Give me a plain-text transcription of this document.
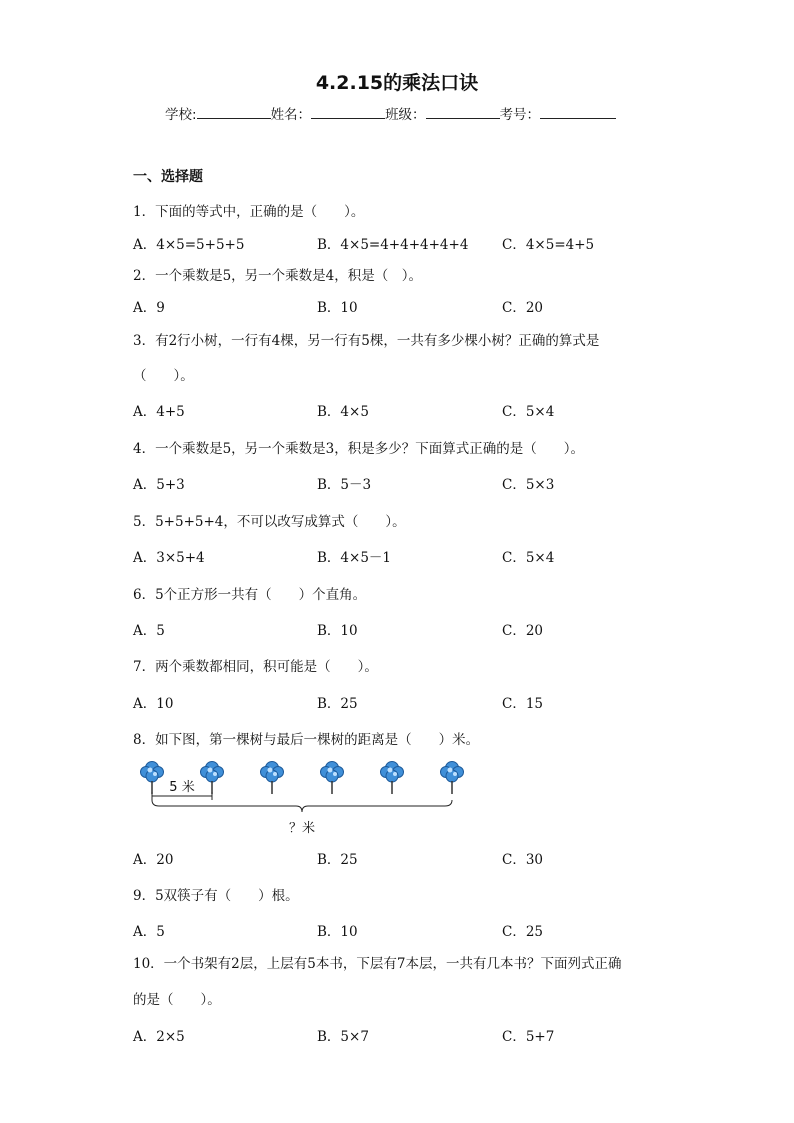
4.2.15的乘法口诀
学校:	姓名：	班级：	考号：
一、选择题
1．下面的等式中，正确的是（　　）。
A．4×5=5+5+5	B．4×5=4+4+4+4+4 C．4×5=4+5
2．一个乘数是5，另一个乘数是4，积是（　）。
A．9	B．10	C．20
3．有2行小树，一行有4棵，另一行有5棵，一共有多少棵小树？正确的算式是
（　　）。
A．4+5	B．4×5	C．5×4
4．一个乘数是5，另一个乘数是3，积是多少？下面算式正确的是（　　）。
A．5+3	B．5－3	C．5×3
5．5+5+5+4，不可以改写成算式（　　）。
A．3×5+4	B．4×5－1	C．5×4
6．5个正方形一共有（　　）个直角。
A．5	B．10	C．20
7．两个乘数都相同，积可能是（　　）。
A．10	B．25	C．15
8．如下图，第一棵树与最后一棵树的距离是（　　）米。
5 米
？米
A．20	B．25	C．30
9．5双筷子有（　　）根。
A．5	B．10	C．25
10．一个书架有2层，上层有5本书，下层有7本层，一共有几本书？下面列式正确
的是（　　）。
A．2×5	B．5×7	C．5+7
